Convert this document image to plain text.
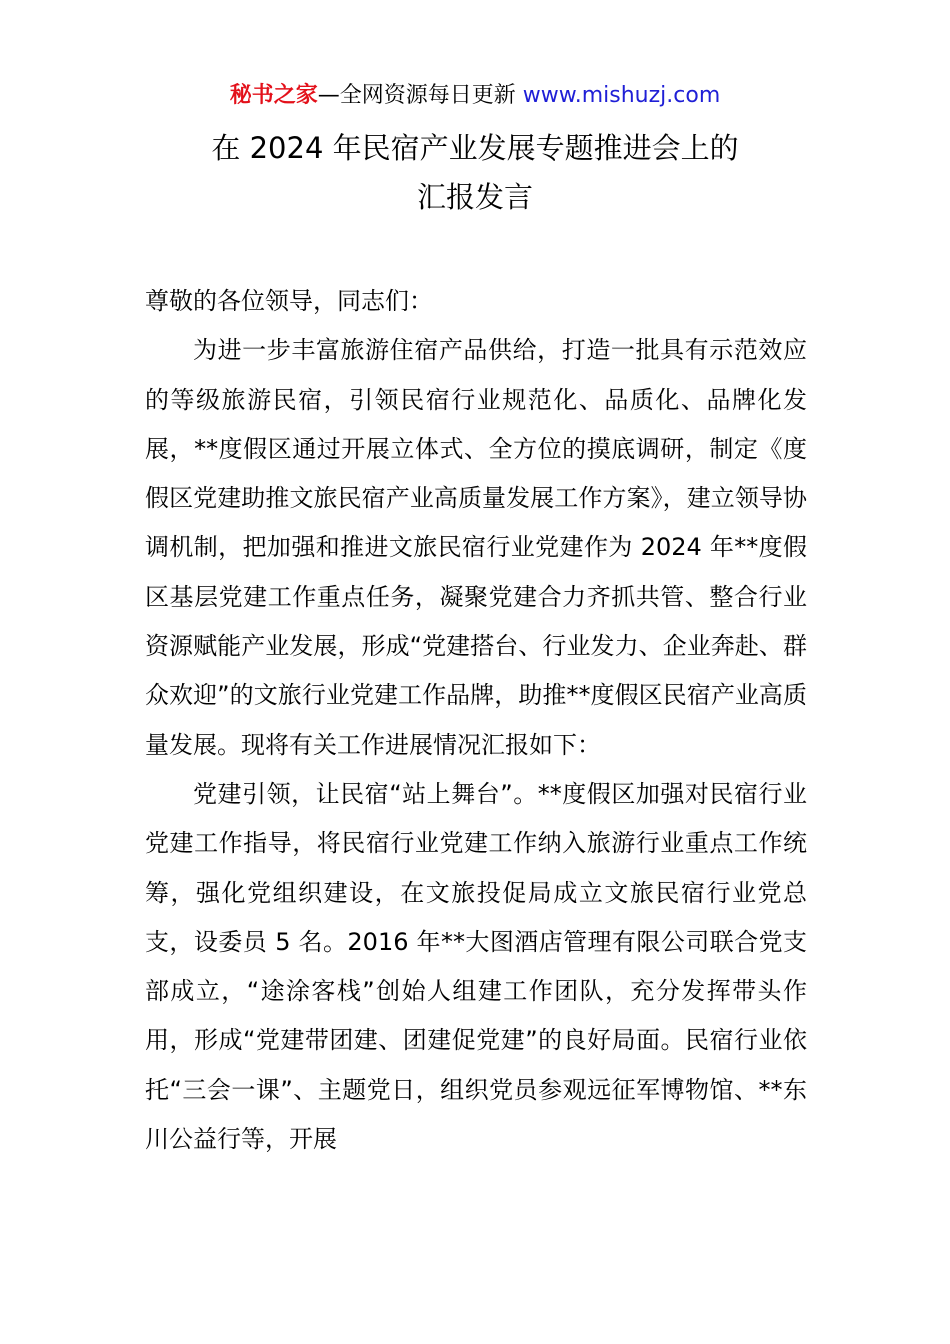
秘书之家—全网资源每日更新 www.mishuzj.com
在 2024 年民宿产业发展专题推进会上的
汇报发言

尊敬的各位领导，同志们：

为进一步丰富旅游住宿产品供给，打造一批具有示范效应的等级旅游民宿，引领民宿行业规范化、品质化、品牌化发展，**度假区通过开展立体式、全方位的摸底调研，制定《度假区党建助推文旅民宿产业高质量发展工作方案》，建立领导协调机制，把加强和推进文旅民宿行业党建作为 2024 年**度假区基层党建工作重点任务，凝聚党建合力齐抓共管、整合行业资源赋能产业发展，形成“党建搭台、行业发力、企业奔赴、群众欢迎”的文旅行业党建工作品牌，助推**度假区民宿产业高质量发展。现将有关工作进展情况汇报如下：

党建引领，让民宿“站上舞台”。**度假区加强对民宿行业党建工作指导，将民宿行业党建工作纳入旅游行业重点工作统筹，强化党组织建设，在文旅投促局成立文旅民宿行业党总支，设委员 5 名。2016 年**大图酒店管理有限公司联合党支部成立，“途涂客栈”创始人组建工作团队，充分发挥带头作用，形成“党建带团建、团建促党建”的良好局面。民宿行业依托“三会一课”、主题党日，组织党员参观远征军博物馆、**东川公益行等，开展
